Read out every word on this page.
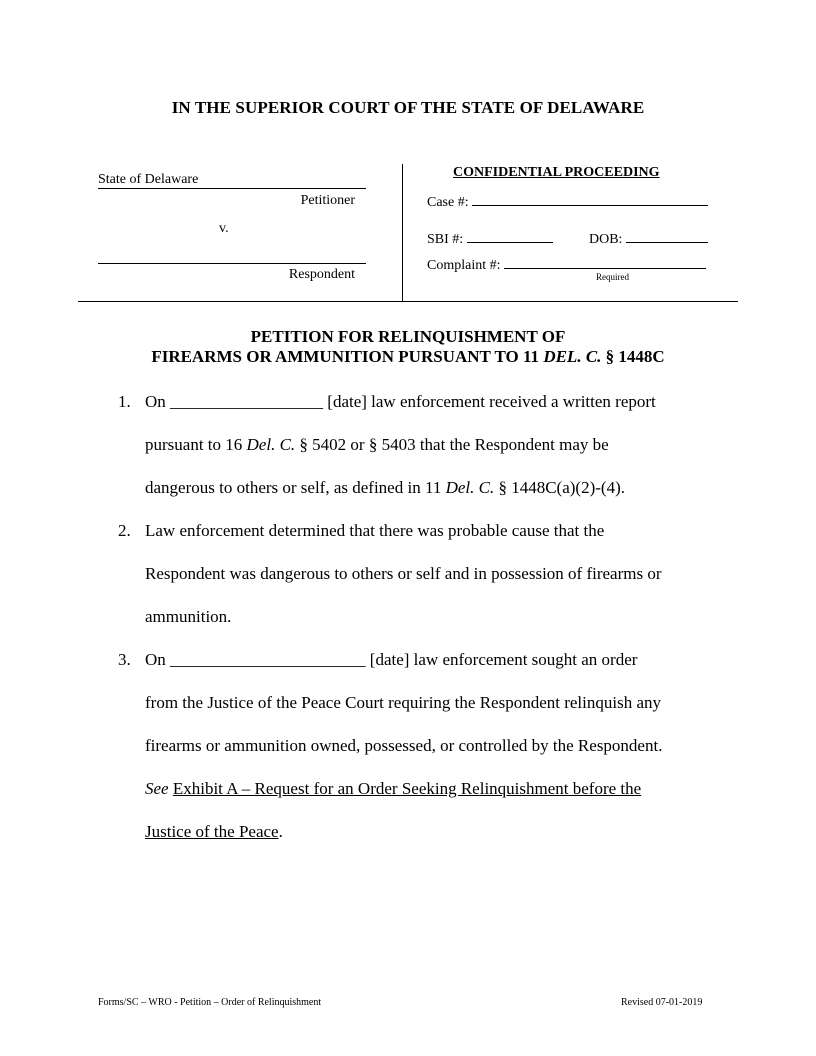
IN THE SUPERIOR COURT OF THE STATE OF DELAWARE
State of Delaware
Petitioner
v.
Respondent
CONFIDENTIAL PROCEEDING
Case #:
SBI #:	DOB:
Complaint #:
Required
PETITION FOR RELINQUISHMENT OF
FIREARMS OR AMMUNITION PURSUANT TO 11 DEL. C. § 1448C
1. On __________________ [date] law enforcement received a written report
pursuant to 16 Del. C. § 5402 or § 5403 that the Respondent may be
dangerous to others or self, as defined in 11 Del. C. § 1448C(a)(2)-(4).
2. Law enforcement determined that there was probable cause that the
Respondent was dangerous to others or self and in possession of firearms or
ammunition.
3. On _______________________ [date] law enforcement sought an order
from the Justice of the Peace Court requiring the Respondent relinquish any
firearms or ammunition owned, possessed, or controlled by the Respondent.
See Exhibit A – Request for an Order Seeking Relinquishment before the
Justice of the Peace.
Forms/SC – WRO - Petition – Order of Relinquishment	Revised 07-01-2019
